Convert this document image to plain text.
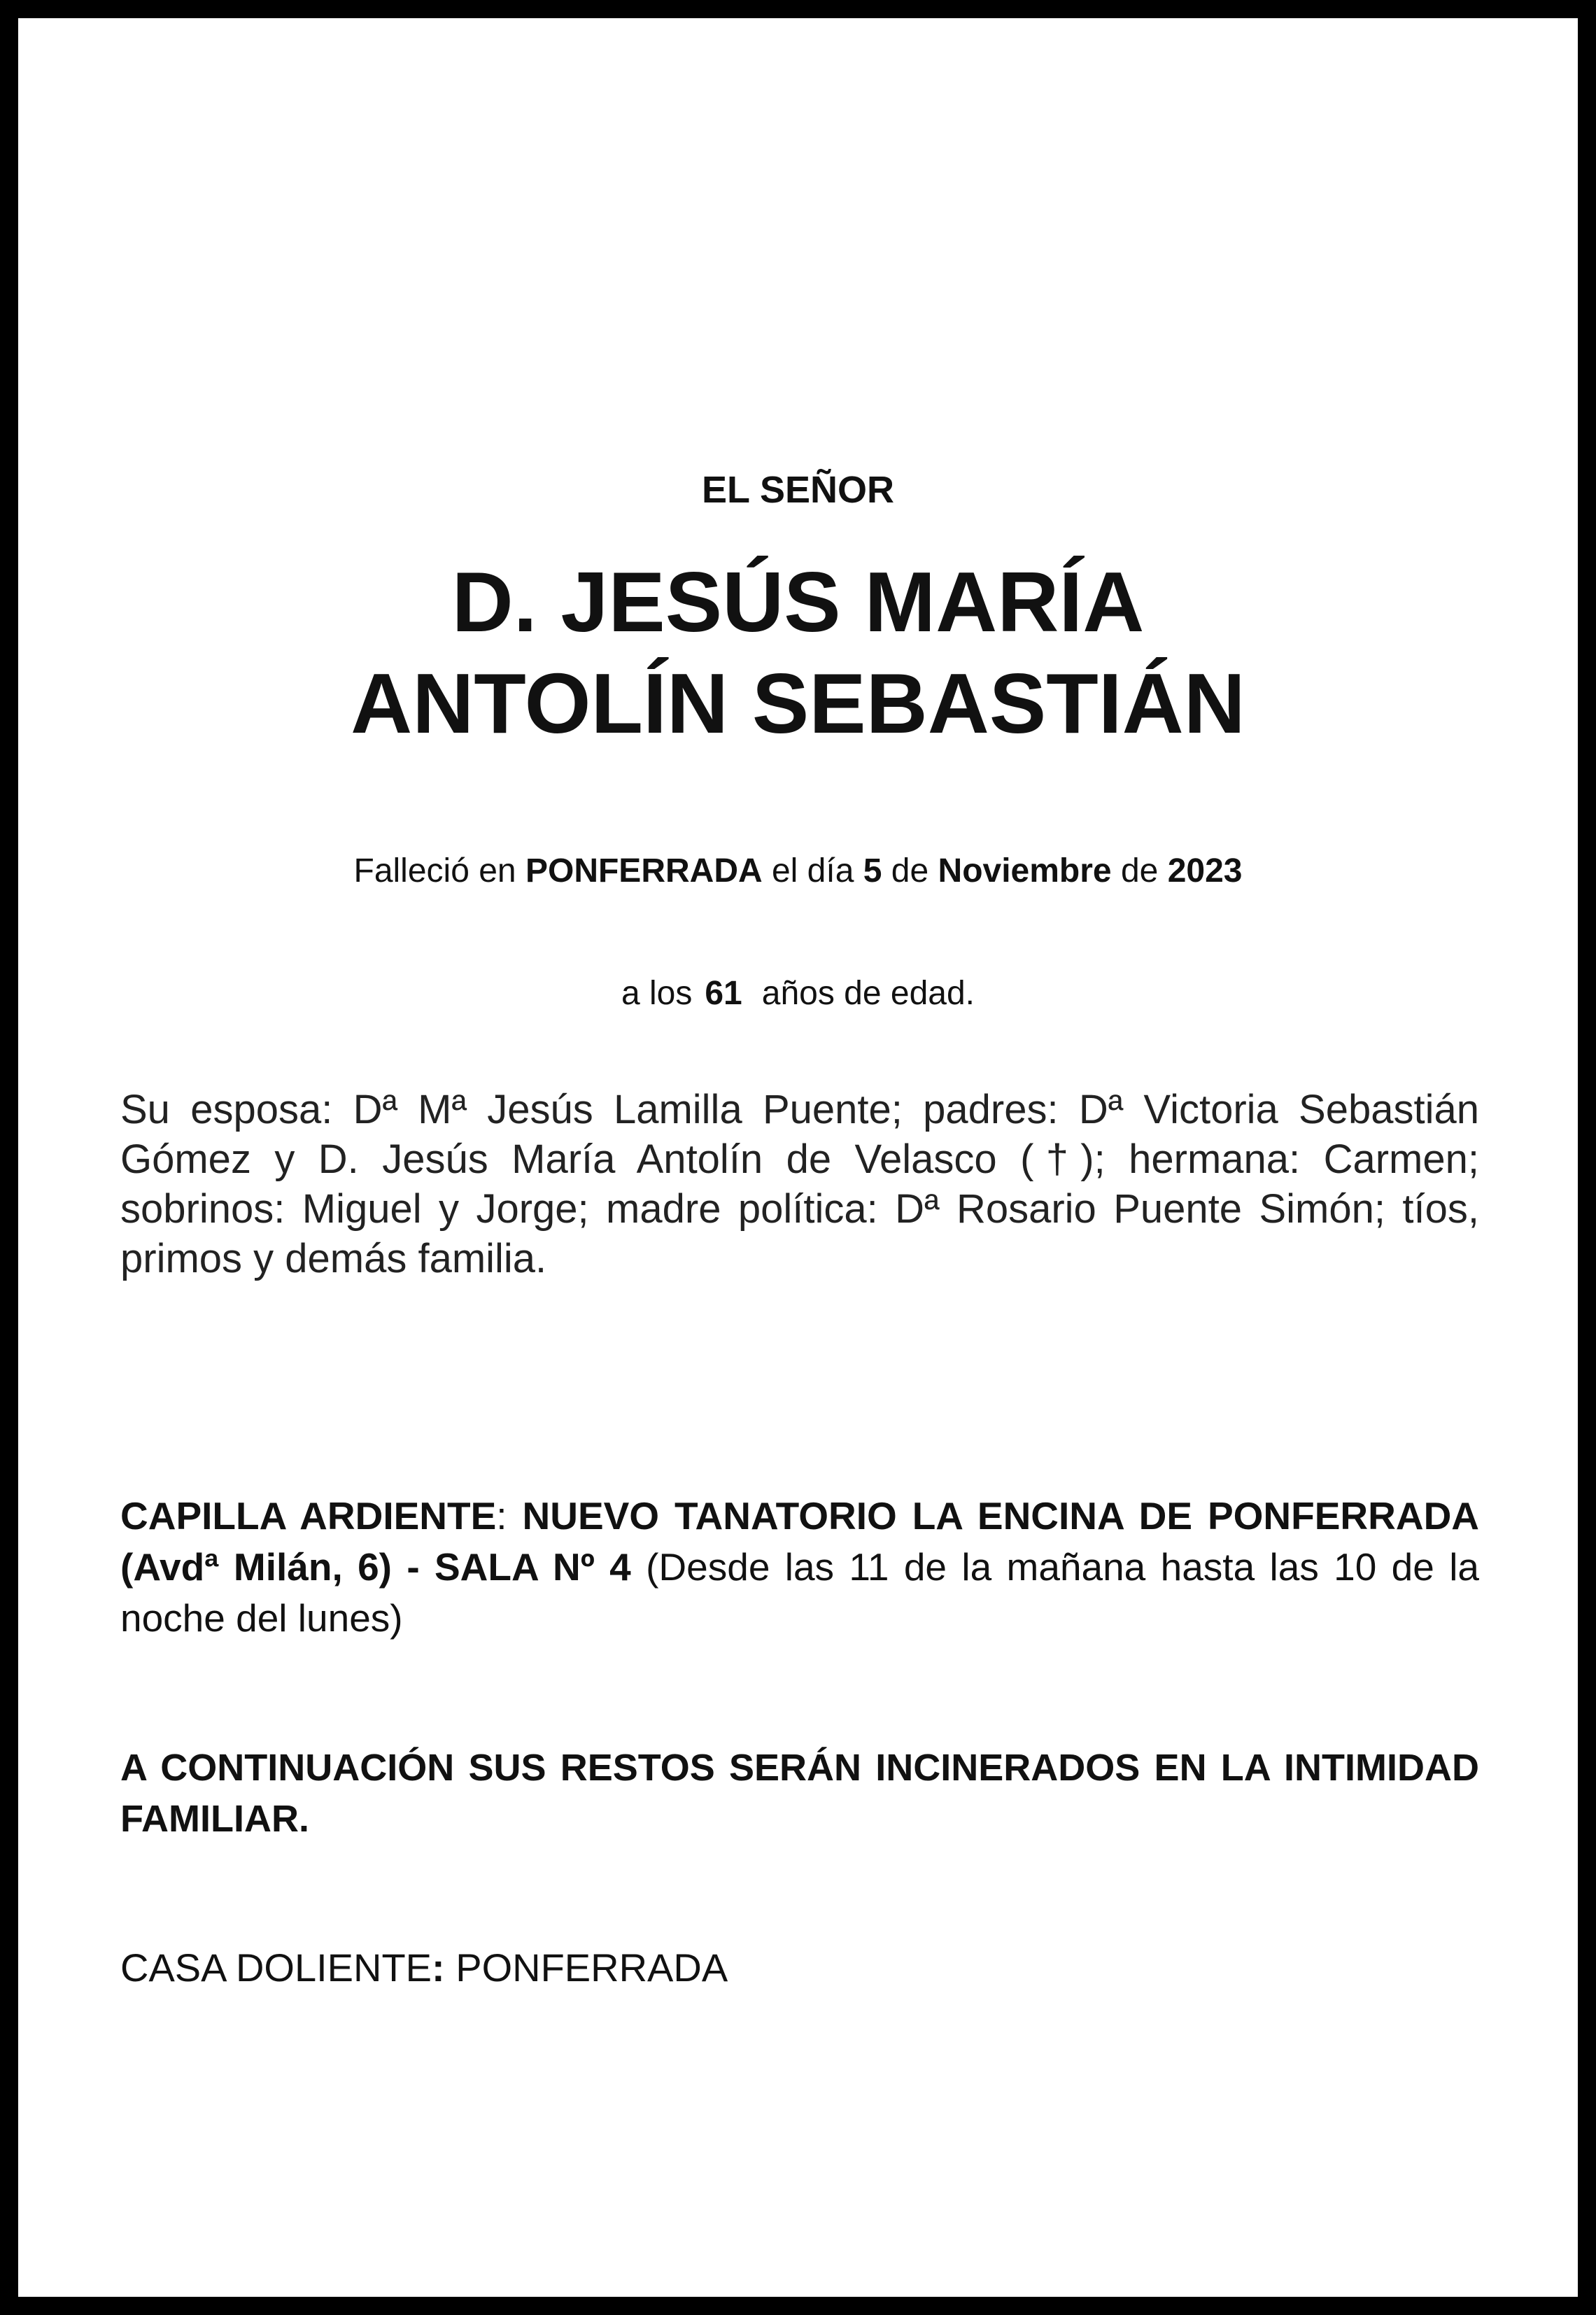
EL SEÑOR
D. JESÚS MARÍA
ANTOLÍN SEBASTIÁN
Falleció en PONFERRADA el día 5 de Noviembre de 2023
a los 61 años de edad.
Su esposa: Dª Mª Jesús Lamilla Puente; padres: Dª Victoria Sebastián Gómez y D. Jesús María Antolín de Velasco (†); hermana: Carmen; sobrinos: Miguel y Jorge; madre política: Dª Rosario Puente Simón; tíos, primos y demás familia.
CAPILLA ARDIENTE: NUEVO TANATORIO LA ENCINA DE PONFERRADA (Avdª Milán, 6) - SALA Nº 4 (Desde las 11 de la mañana hasta las 10 de la noche del lunes)
A CONTINUACIÓN SUS RESTOS SERÁN INCINERADOS EN LA INTIMIDAD FAMILIAR.
CASA DOLIENTE: PONFERRADA
